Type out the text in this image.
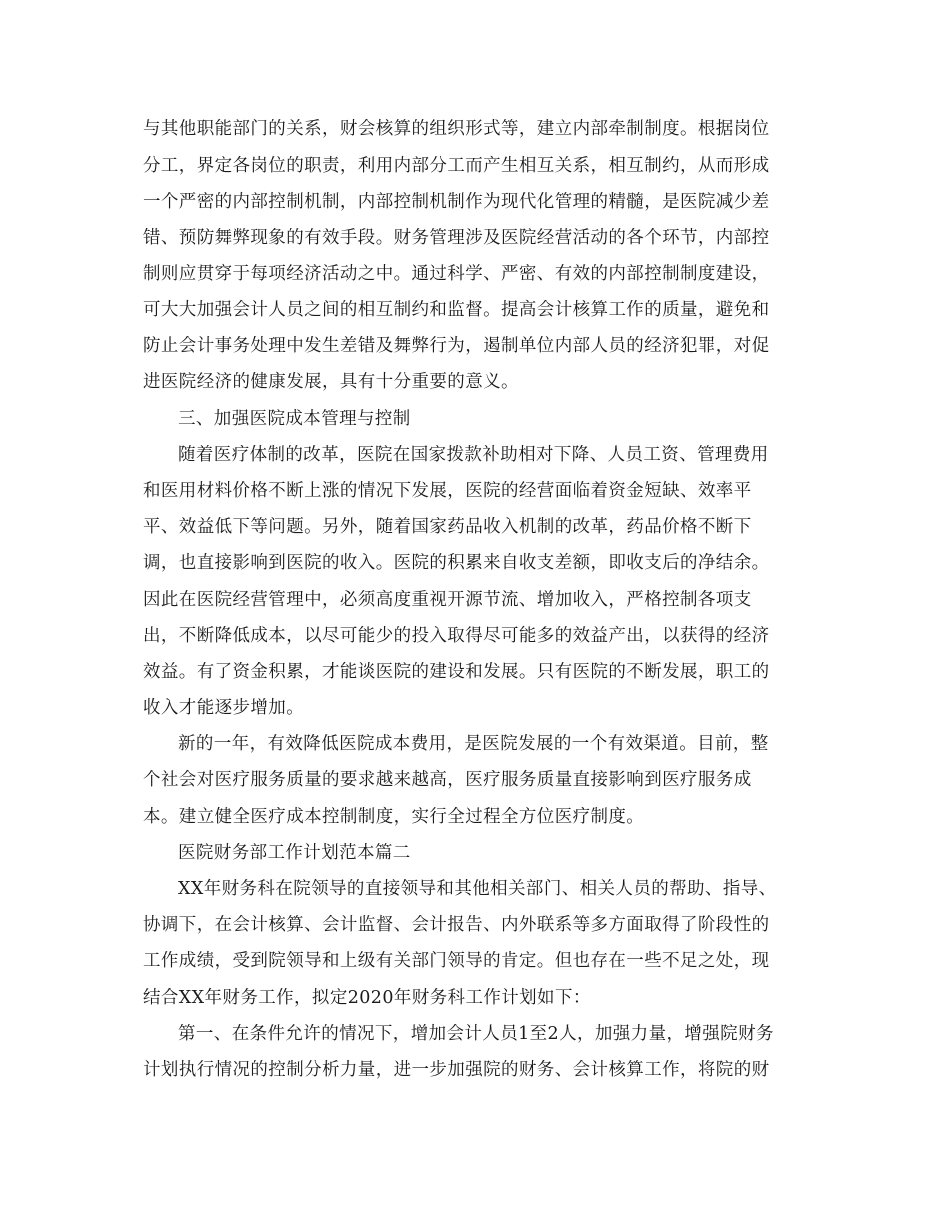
与其他职能部门的关系，财会核算的组织形式等，建立内部牵制制度。根据岗位
分工，界定各岗位的职责，利用内部分工而产生相互关系，相互制约，从而形成
一个严密的内部控制机制，内部控制机制作为现代化管理的精髓，是医院减少差
错、预防舞弊现象的有效手段。财务管理涉及医院经营活动的各个环节，内部控
制则应贯穿于每项经济活动之中。通过科学、严密、有效的内部控制制度建设，
可大大加强会计人员之间的相互制约和监督。提高会计核算工作的质量，避免和
防止会计事务处理中发生差错及舞弊行为，遏制单位内部人员的经济犯罪，对促
进医院经济的健康发展，具有十分重要的意义。
三、加强医院成本管理与控制
随着医疗体制的改革，医院在国家拨款补助相对下降、人员工资、管理费用
和医用材料价格不断上涨的情况下发展，医院的经营面临着资金短缺、效率平
平、效益低下等问题。另外，随着国家药品收入机制的改革，药品价格不断下
调，也直接影响到医院的收入。医院的积累来自收支差额，即收支后的净结余。
因此在医院经营管理中，必须高度重视开源节流、增加收入，严格控制各项支
出，不断降低成本，以尽可能少的投入取得尽可能多的效益产出，以获得的经济
效益。有了资金积累，才能谈医院的建设和发展。只有医院的不断发展，职工的
收入才能逐步增加。
新的一年，有效降低医院成本费用，是医院发展的一个有效渠道。目前，整
个社会对医疗服务质量的要求越来越高，医疗服务质量直接影响到医疗服务成
本。建立健全医疗成本控制制度，实行全过程全方位医疗制度。
医院财务部工作计划范本篇二
XX年财务科在院领导的直接领导和其他相关部门、相关人员的帮助、指导、
协调下，在会计核算、会计监督、会计报告、内外联系等多方面取得了阶段性的
工作成绩，受到院领导和上级有关部门领导的肯定。但也存在一些不足之处，现
结合XX年财务工作，拟定2020年财务科工作计划如下：
第一、在条件允许的情况下，增加会计人员1至2人，加强力量，增强院财务
计划执行情况的控制分析力量，进一步加强院的财务、会计核算工作，将院的财
